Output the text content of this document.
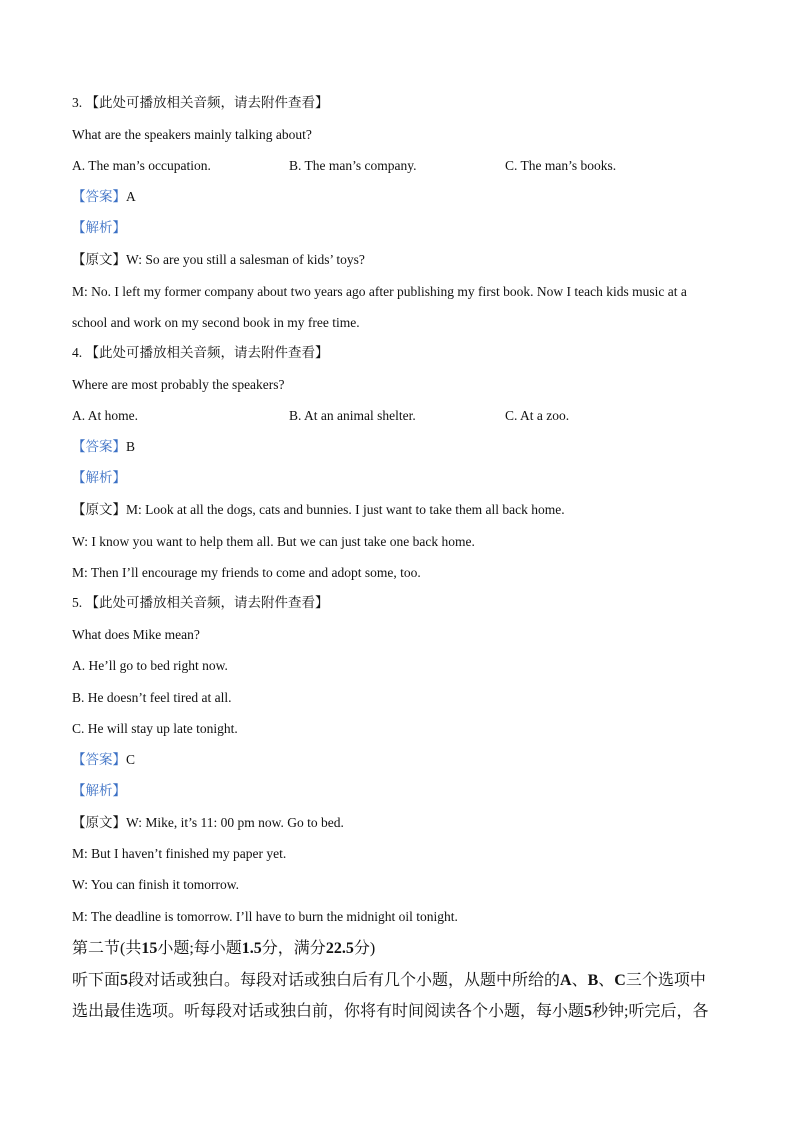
3. 【此处可播放相关音频，请去附件查看】
What are the speakers mainly talking about?
A. The man’s occupation.	B. The man’s company.	C. The man’s books.
【答案】A
【解析】
【原文】W: So are you still a salesman of kids’ toys?
M: No. I left my former company about two years ago after publishing my first book. Now I teach kids music at a
school and work on my second book in my free time.
4. 【此处可播放相关音频，请去附件查看】
Where are most probably the speakers?
A. At home.	B. At an animal shelter.	C. At a zoo.
【答案】B
【解析】
【原文】M: Look at all the dogs, cats and bunnies. I just want to take them all back home.
W: I know you want to help them all. But we can just take one back home.
M: Then I’ll encourage my friends to come and adopt some, too.
5. 【此处可播放相关音频，请去附件查看】
What does Mike mean?
A. He’ll go to bed right now.
B. He doesn’t feel tired at all.
C. He will stay up late tonight.
【答案】C
【解析】
【原文】W: Mike, it’s 11: 00 pm now. Go to bed.
M: But I haven’t finished my paper yet.
W: You can finish it tomorrow.
M: The deadline is tomorrow. I’ll have to burn the midnight oil tonight.
第二节(共15小题;每小题1.5分，满分22.5分)
听下面5段对话或独白。每段对话或独白后有几个小题，从题中所给的A、B、C三个选项中
选出最佳选项。听每段对话或独白前，你将有时间阅读各个小题，每小题5秒钟;听完后，各
